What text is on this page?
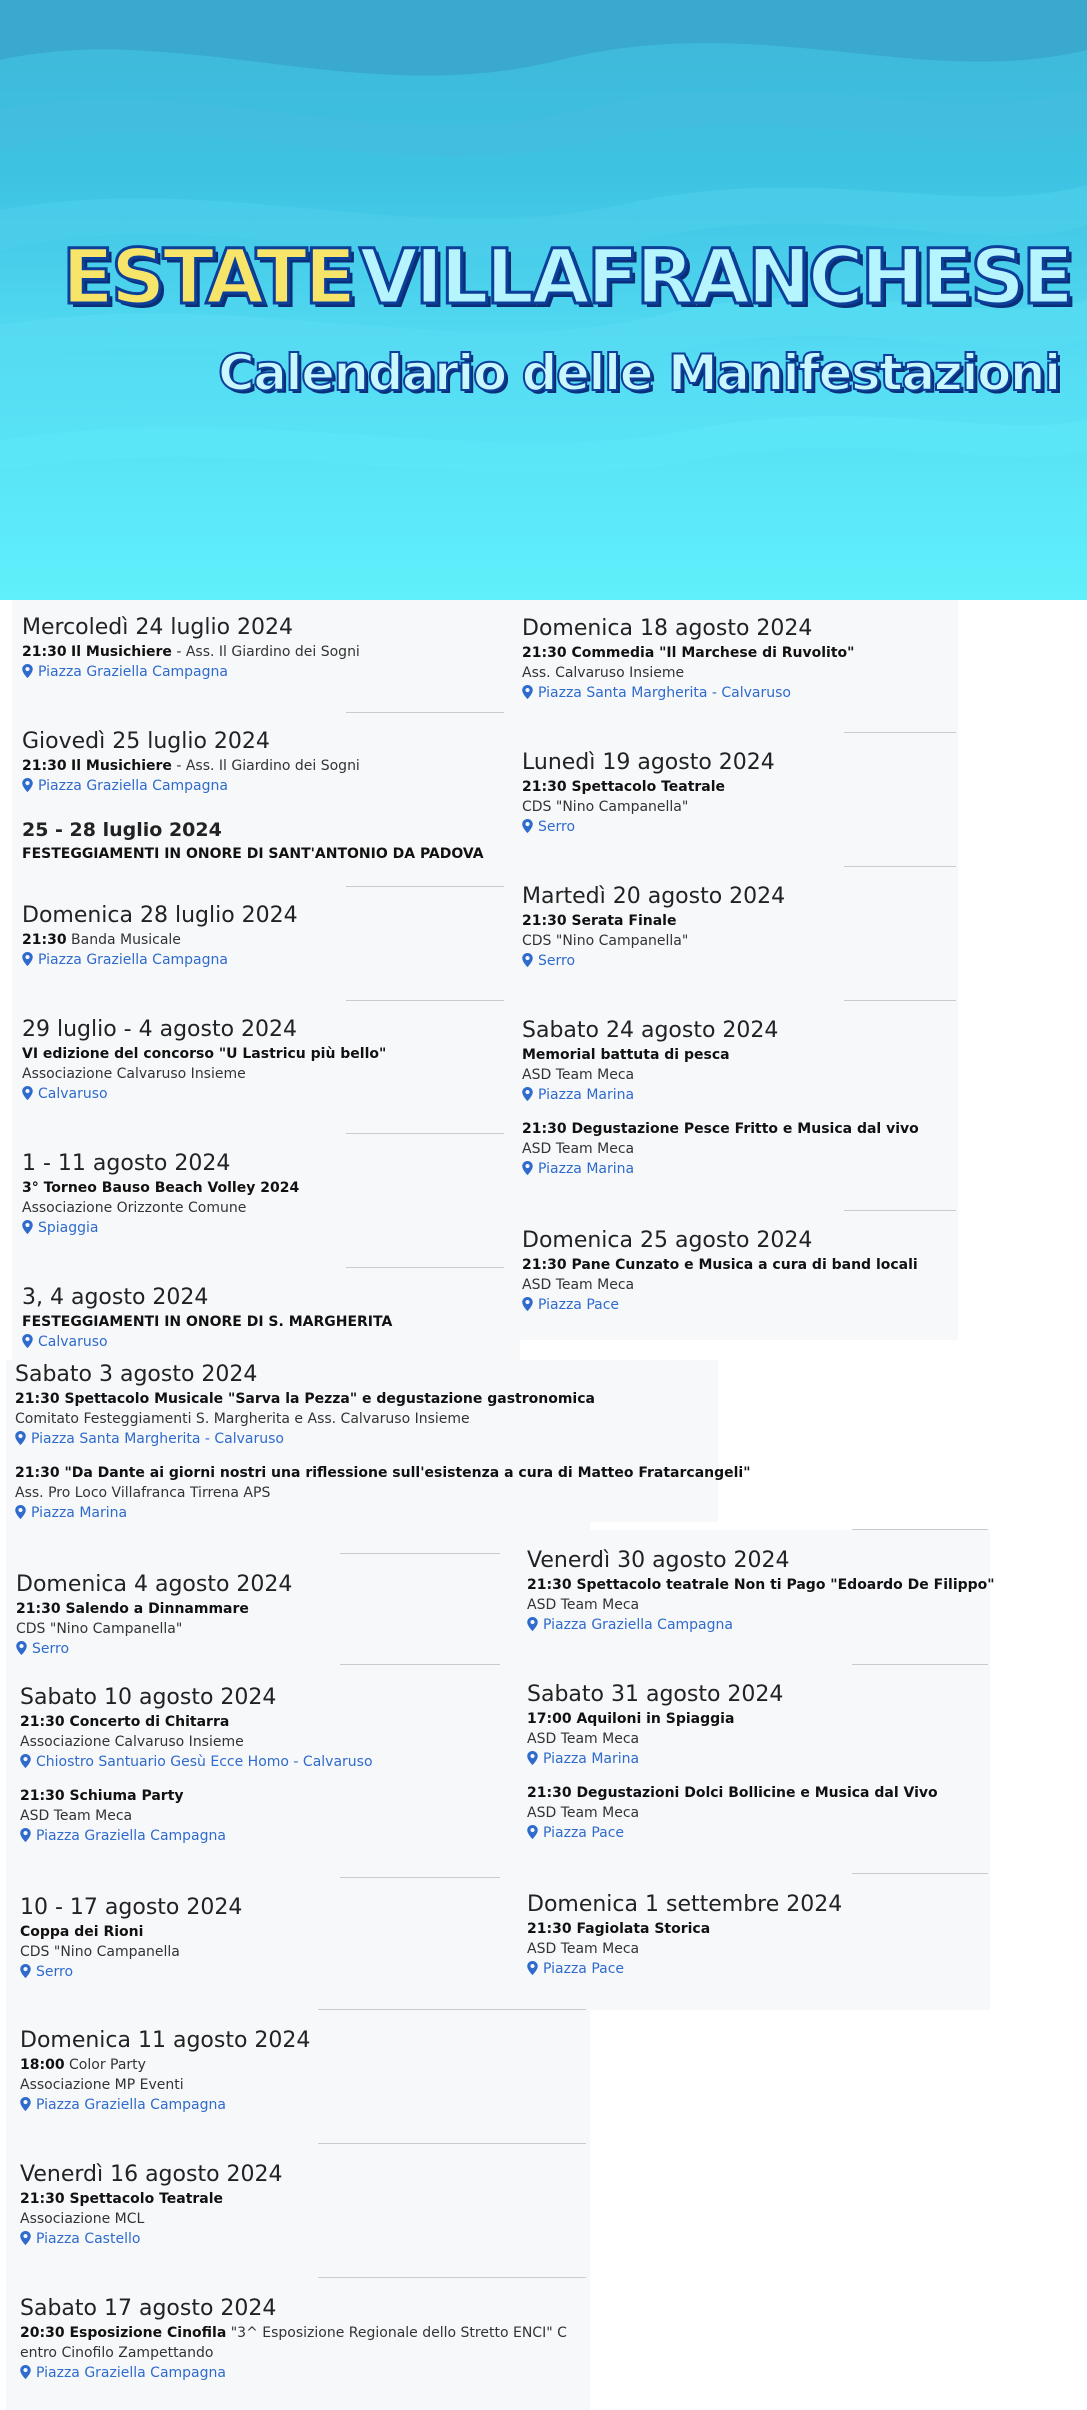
ESTATEVILLAFRANCHESE
Calendario delle Manifestazioni
Mercoledì 24 luglio 2024
21:30 Il Musichiere - Ass. Il Giardino dei Sogni
Piazza Graziella Campagna
Giovedì 25 luglio 2024
21:30 Il Musichiere - Ass. Il Giardino dei Sogni
Piazza Graziella Campagna
25 - 28 luglio 2024
FESTEGGIAMENTI IN ONORE DI SANT'ANTONIO DA PADOVA
Domenica 28 luglio 2024
21:30 Banda Musicale
Piazza Graziella Campagna
29 luglio - 4 agosto 2024
VI edizione del concorso "U Lastricu più bello"
Associazione Calvaruso Insieme
Calvaruso
1 - 11 agosto 2024
3° Torneo Bauso Beach Volley 2024
Associazione Orizzonte Comune
Spiaggia
3, 4 agosto 2024
FESTEGGIAMENTI IN ONORE DI S. MARGHERITA
Calvaruso
Sabato 3 agosto 2024
21:30 Spettacolo Musicale "Sarva la Pezza" e degustazione gastronomica
Comitato Festeggiamenti S. Margherita e Ass. Calvaruso Insieme
Piazza Santa Margherita - Calvaruso
21:30 "Da Dante ai giorni nostri una riflessione sull'esistenza a cura di Matteo Fratarcangeli"
Ass. Pro Loco Villafranca Tirrena APS
Piazza Marina
Domenica 4 agosto 2024
21:30 Salendo a Dinnammare
CDS "Nino Campanella"
Serro
Sabato 10 agosto 2024
21:30 Concerto di Chitarra
Associazione Calvaruso Insieme
Chiostro Santuario Gesù Ecce Homo - Calvaruso
21:30 Schiuma Party
ASD Team Meca
Piazza Graziella Campagna
10 - 17 agosto 2024
Coppa dei Rioni
CDS "Nino Campanella
Serro
Domenica 11 agosto 2024
18:00 Color Party
Associazione MP Eventi
Piazza Graziella Campagna
Venerdì 16 agosto 2024
21:30 Spettacolo Teatrale
Associazione MCL
Piazza Castello
Sabato 17 agosto 2024
20:30 Esposizione Cinofila "3^ Esposizione Regionale dello Stretto ENCI" C
entro Cinofilo Zampettando
Piazza Graziella Campagna
Domenica 18 agosto 2024
21:30 Commedia "Il Marchese di Ruvolito"
Ass. Calvaruso Insieme
Piazza Santa Margherita - Calvaruso
Lunedì 19 agosto 2024
21:30 Spettacolo Teatrale
CDS "Nino Campanella"
Serro
Martedì 20 agosto 2024
21:30 Serata Finale
CDS "Nino Campanella"
Serro
Sabato 24 agosto 2024
Memorial battuta di pesca
ASD Team Meca
Piazza Marina
21:30 Degustazione Pesce Fritto e Musica dal vivo
ASD Team Meca
Piazza Marina
Domenica 25 agosto 2024
21:30 Pane Cunzato e Musica a cura di band locali
ASD Team Meca
Piazza Pace
Venerdì 30 agosto 2024
21:30 Spettacolo teatrale Non ti Pago "Edoardo De Filippo"
ASD Team Meca
Piazza Graziella Campagna
Sabato 31 agosto 2024
17:00 Aquiloni in Spiaggia
ASD Team Meca
Piazza Marina
21:30 Degustazioni Dolci Bollicine e Musica dal Vivo
ASD Team Meca
Piazza Pace
Domenica 1 settembre 2024
21:30 Fagiolata Storica
ASD Team Meca
Piazza Pace
